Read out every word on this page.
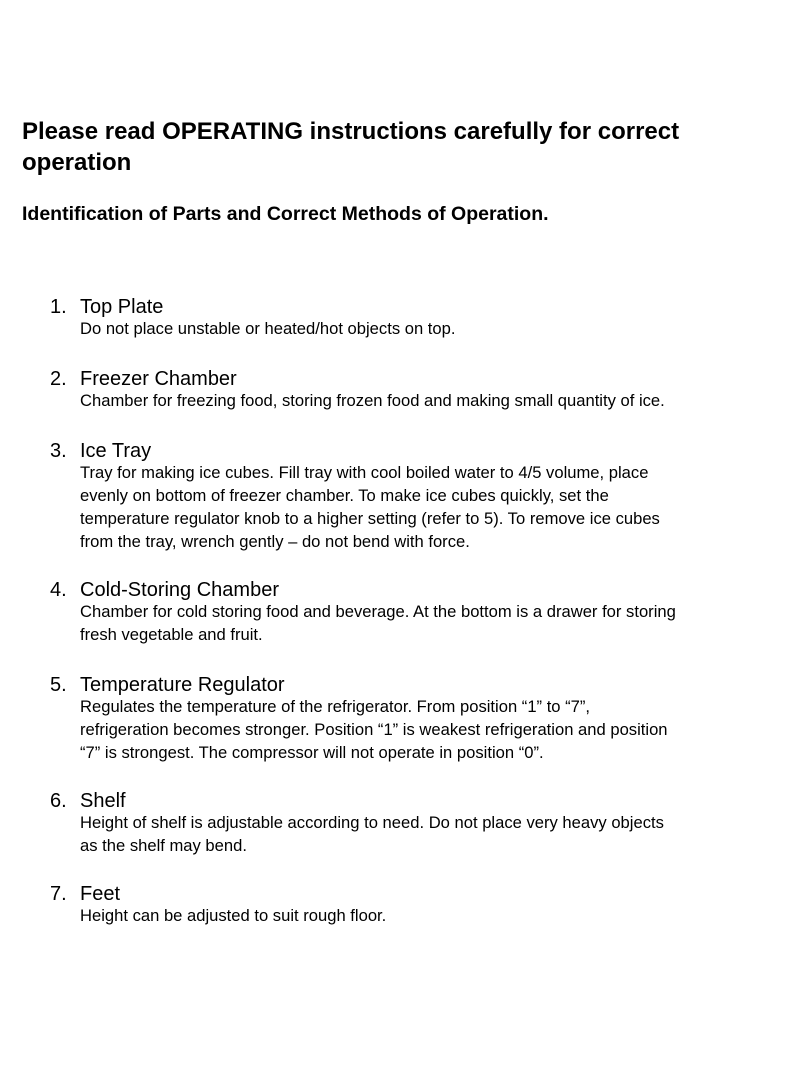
Please read OPERATING instructions carefully for correct operation
Identification of Parts and Correct Methods of Operation.
1. Top Plate

Do not place unstable or heated/hot objects on top.

2. Freezer Chamber

Chamber for freezing food, storing frozen food and making small quantity of ice.

3. Ice Tray

Tray for making ice cubes. Fill tray with cool boiled water to 4/5 volume, place
evenly on bottom of freezer chamber. To make ice cubes quickly, set the
temperature regulator knob to a higher setting (refer to 5). To remove ice cubes
from the tray, wrench gently – do not bend with force.

4. Cold-Storing Chamber

Chamber for cold storing food and beverage. At the bottom is a drawer for storing
fresh vegetable and fruit.

5. Temperature Regulator

Regulates the temperature of the refrigerator. From position “1” to “7”,
refrigeration becomes stronger. Position “1” is weakest refrigeration and position
“7” is strongest. The compressor will not operate in position “0”.

6. Shelf

Height of shelf is adjustable according to need. Do not place very heavy objects
as the shelf may bend.

7. Feet

Height can be adjusted to suit rough floor.
